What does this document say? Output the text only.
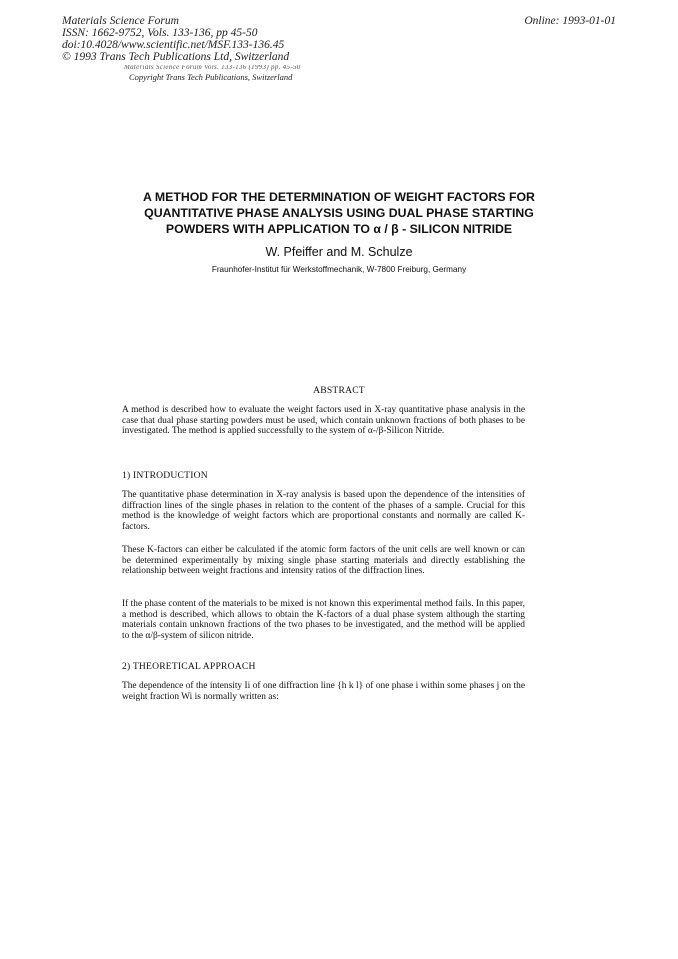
Materials Science Forum
ISSN: 1662-9752, Vols. 133-136, pp 45-50
doi:10.4028/www.scientific.net/MSF.133-136.45
© 1993 Trans Tech Publications Ltd, Switzerland
Online: 1993-01-01
Materials Science Forum Vols. 133-136 (1993) pp. 45-50
Copyright Trans Tech Publications, Switzerland
A METHOD FOR THE DETERMINATION OF WEIGHT FACTORS FOR
QUANTITATIVE PHASE ANALYSIS USING DUAL PHASE STARTING
POWDERS WITH APPLICATION TO α / β - SILICON NITRIDE
W. Pfeiffer and M. Schulze
Fraunhofer-Institut für Werkstoffmechanik, W-7800 Freiburg, Germany
ABSTRACT
A method is described how to evaluate the weight factors used in X-ray quantitative phase analysis in the case that dual phase starting powders must be used, which contain unknown fractions of both phases to be investigated. The method is applied successfully to the system of α-/β-Silicon Nitride.
1) INTRODUCTION
The quantitative phase determination in X-ray analysis is based upon the dependence of the intensities of diffraction lines of the single phases in relation to the content of the phases of a sample. Crucial for this method is the knowledge of weight factors which are proportional constants and normally are called K-factors.
These K-factors can either be calculated if the atomic form factors of the unit cells are well known or can be determined experimentally by mixing single phase starting materials and directly establishing the relationship between weight fractions and intensity ratios of the diffraction lines.
If the phase content of the materials to be mixed is not known this experimental method fails. In this paper, a method is described, which allows to obtain the K-factors of a dual phase system although the starting materials contain unknown fractions of the two phases to be investigated, and the method will be applied to the α/β-system of silicon nitride.
2) THEORETICAL APPROACH
The dependence of the intensity Ii of one diffraction line {h k l} of one phase i within some phases j on the weight fraction Wi is normally written as:
